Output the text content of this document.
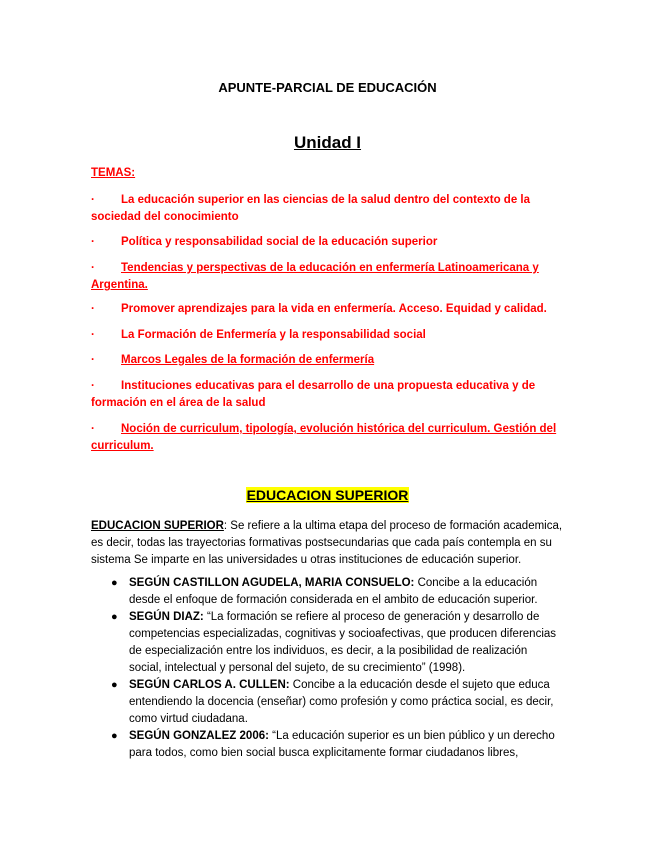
APUNTE-PARCIAL DE EDUCACIÓN
Unidad I
TEMAS:
· La educación superior en las ciencias de la salud dentro del contexto de la sociedad del conocimiento
· Política y responsabilidad social de la educación superior
· Tendencias y perspectivas de la educación en enfermería Latinoamericana y Argentina.
· Promover aprendizajes para la vida en enfermería. Acceso. Equidad y calidad.
· La Formación de Enfermería y la responsabilidad social
· Marcos Legales de la formación de enfermería
· Instituciones educativas para el desarrollo de una propuesta educativa y de formación en el área de la salud
· Noción de curriculum, tipología, evolución histórica del curriculum. Gestión del curriculum.
EDUCACION SUPERIOR
EDUCACION SUPERIOR: Se refiere a la ultima etapa del proceso de formación academica, es decir, todas las trayectorias formativas postsecundarias que cada país contempla en su sistema Se imparte en las universidades u otras instituciones de educación superior.
● SEGÚN CASTILLON AGUDELA, MARIA CONSUELO: Concibe a la educación desde el enfoque de formación considerada en el ambito de educación superior.
● SEGÚN DIAZ: “La formación se refiere al proceso de generación y desarrollo de competencias especializadas, cognitivas y socioafectivas, que producen diferencias de especialización entre los individuos, es decir, a la posibilidad de realización social, intelectual y personal del sujeto, de su crecimiento” (1998).
● SEGÚN CARLOS A. CULLEN: Concibe a la educación desde el sujeto que educa entendiendo la docencia (enseñar) como profesión y como práctica social, es decir, como virtud ciudadana.
● SEGÚN GONZALEZ 2006: “La educación superior es un bien público y un derecho para todos, como bien social busca explicitamente formar ciudadanos libres,
